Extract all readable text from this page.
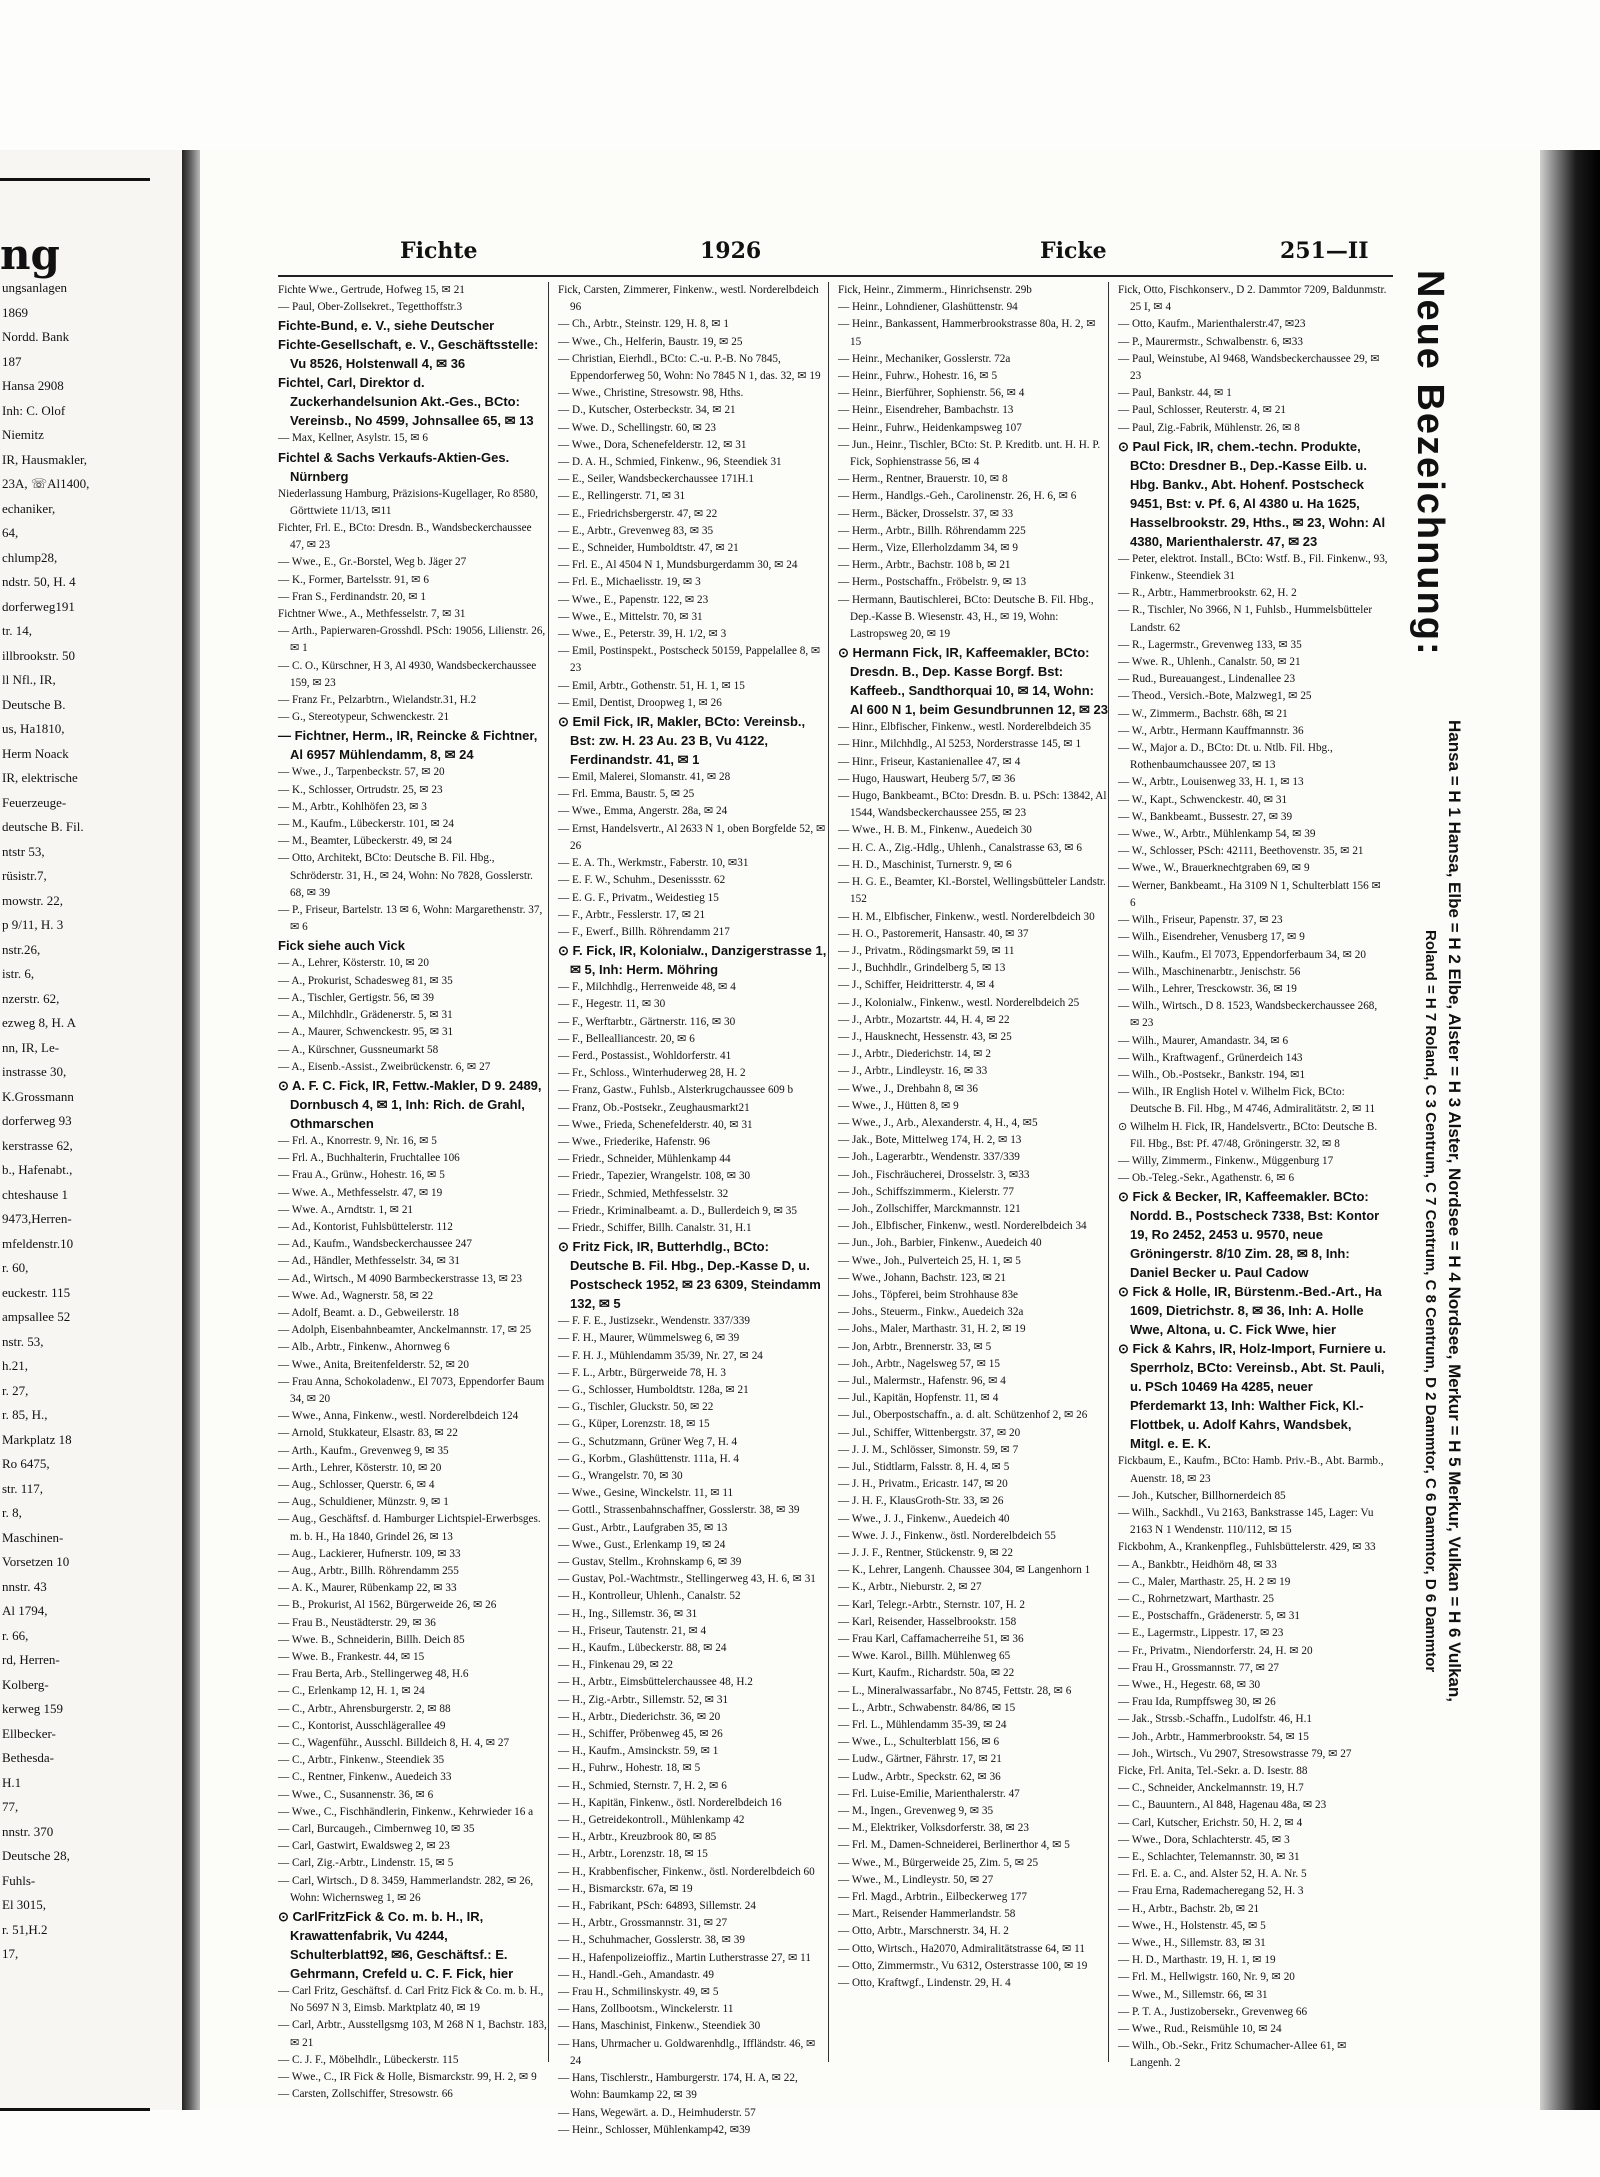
ng
ungsanlagen
1869
Nordd. Bank
187
Hansa 2908
Inh: C. Olof
Niemitz
IR, Hausmakler,
23A, ☏Al1400,
echaniker,
64,
chlump28,
ndstr. 50, H. 4
dorferweg191
tr. 14,
illbrookstr. 50
ll Nfl., IR,
Deutsche B.
us, Ha1810,
Herm Noack
IR, elektrische
Feuerzeuge-
deutsche B. Fil.
ntstr 53,
rüsistr.7,
mowstr. 22,
p 9/11, H. 3
nstr.26,
istr. 6,
nzerstr. 62,
ezweg 8, H. A
nn, IR, Le-
instrasse 30,
K.Grossmann
dorferweg 93
kerstrasse 62,
b., Hafenabt.,
chteshause 1
9473,Herren-
mfeldenstr.10
r. 60,
euckestr. 115
ampsallee 52
nstr. 53,
h.21,
r. 27,
r. 85, H.,
Markplatz 18
Ro 6475,
str. 117,
r. 8,
Maschinen-
Vorsetzen 10
nnstr. 43
Al 1794,
r. 66,
rd, Herren-
Kolberg-
kerweg 159
Ellbecker-
Bethesda-
H.1
77,
nnstr. 370
Deutsche 28,
Fuhls-
El 3015,
r. 51,H.2
17,
Fichte	1926	Ficke	251—II

Fichte Wwe., Gertrude, Hofweg 15, ✉ 21

— Paul, Ober-Zollsekret., Tegetthoffstr.3

Fichte-Bund, e. V., siehe Deutscher

Fichte-Gesellschaft, e. V., Geschäftsstelle: Vu 8526, Holstenwall 4, ✉ 36

Fichtel, Carl, Direktor d. Zuckerhandelsunion Akt.-Ges., BCto: Vereinsb., No 4599, Johnsallee 65, ✉ 13

— Max, Kellner, Asylstr. 15, ✉ 6

Fichtel & Sachs Verkaufs-Aktien-Ges. Nürnberg

Niederlassung Hamburg, Präzisions-Kugellager, Ro 8580, Görttwiete 11/13, ✉11

Fichter, Frl. E., BCto: Dresdn. B., Wandsbeckerchaussee 47, ✉ 23

— Wwe., E., Gr.-Borstel, Weg b. Jäger 27

— K., Former, Bartelsstr. 91, ✉ 6

— Fran S., Ferdinandstr. 20, ✉ 1

Fichtner Wwe., A., Methfesselstr. 7, ✉ 31

— Arth., Papierwaren-Grosshdl. PSch: 19056, Lilienstr. 26, ✉ 1

— C. O., Kürschner, H 3, Al 4930, Wandsbeckerchaussee 159, ✉ 23

— Franz Fr., Pelzarbtrn., Wielandstr.31, H.2

— G., Stereotypeur, Schwenckestr. 21

— Fichtner, Herm., IR, Reincke & Fichtner, Al 6957 Mühlendamm, 8, ✉ 24

— Wwe., J., Tarpenbeckstr. 57, ✉ 20

— K., Schlosser, Ortrudstr. 25, ✉ 23

— M., Arbtr., Kohlhöfen 23, ✉ 3

— M., Kaufm., Lübeckerstr. 101, ✉ 24

— M., Beamter, Lübeckerstr. 49, ✉ 24

— Otto, Architekt, BCto: Deutsche B. Fil. Hbg., Schröderstr. 31, H., ✉ 24, Wohn: No 7828, Gosslerstr. 68, ✉ 39

— P., Friseur, Bartelstr. 13 ✉ 6, Wohn: Margarethenstr. 37, ✉ 6

Fick siehe auch Vick

— A., Lehrer, Kösterstr. 10, ✉ 20

— A., Prokurist, Schadesweg 81, ✉ 35

— A., Tischler, Gertigstr. 56, ✉ 39

— A., Milchhdlr., Grädenerstr. 5, ✉ 31

— A., Maurer, Schwenckestr. 95, ✉ 31

— A., Kürschner, Gussneumarkt 58

— A., Eisenb.-Assist., Zweibrückenstr. 6, ✉ 27

⊙ A. F. C. Fick, IR, Fettw.-Makler, D 9. 2489, Dornbusch 4, ✉ 1, Inh: Rich. de Grahl, Othmarschen

— Frl. A., Knorrestr. 9, Nr. 16, ✉ 5

— Frl. A., Buchhalterin, Fruchtallee 106

— Frau A., Grünw., Hohestr. 16, ✉ 5

— Wwe. A., Methfesselstr. 47, ✉ 19

— Wwe. A., Arndtstr. 1, ✉ 21

— Ad., Kontorist, Fuhlsbüttelerstr. 112

— Ad., Kaufm., Wandsbeckerchaussee 247

— Ad., Händler, Methfesselstr. 34, ✉ 31

— Ad., Wirtsch., M 4090 Barmbeckerstrasse 13, ✉ 23

— Wwe. Ad., Wagnerstr. 58, ✉ 22

— Adolf, Beamt. a. D., Gebweilerstr. 18

— Adolph, Eisenbahnbeamter, Anckelmannstr. 17, ✉ 25

— Alb., Arbtr., Finkenw., Ahornweg 6

— Wwe., Anita, Breitenfelderstr. 52, ✉ 20

— Frau Anna, Schokoladenw., El 7073, Eppendorfer Baum 34, ✉ 20

— Wwe., Anna, Finkenw., westl. Norderelbdeich 124

— Arnold, Stukkateur, Elsastr. 83, ✉ 22

— Arth., Kaufm., Grevenweg 9, ✉ 35

— Arth., Lehrer, Kösterstr. 10, ✉ 20

— Aug., Schlosser, Querstr. 6, ✉ 4

— Aug., Schuldiener, Münzstr. 9, ✉ 1

— Aug., Geschäftsf. d. Hamburger Lichtspiel-Erwerbsges. m. b. H., Ha 1840, Grindel 26, ✉ 13

— Aug., Lackierer, Hufnerstr. 109, ✉ 33

— Aug., Arbtr., Billh. Röhrendamm 255

— A. K., Maurer, Rübenkamp 22, ✉ 33

— B., Prokurist, Al 1562, Bürgerweide 26, ✉ 26

— Frau B., Neustädterstr. 29, ✉ 36

— Wwe. B., Schneiderin, Billh. Deich 85

— Wwe. B., Frankestr. 44, ✉ 15

— Frau Berta, Arb., Stellingerweg 48, H.6

— C., Erlenkamp 12, H. 1, ✉ 24

— C., Arbtr., Ahrensburgerstr. 2, ✉ 88

— C., Kontorist, Ausschlägerallee 49

— C., Wagenführ., Ausschl. Billdeich 8, H. 4, ✉ 27

— C., Arbtr., Finkenw., Steendiek 35

— C., Rentner, Finkenw., Auedeich 33

— Wwe., C., Susannenstr. 36, ✉ 6

— Wwe., C., Fischhändlerin, Finkenw., Kehrwieder 16 a

— Carl, Burcaugeh., Cimbernweg 10, ✉ 35

— Carl, Gastwirt, Ewaldsweg 2, ✉ 23

— Carl, Zig.-Arbtr., Lindenstr. 15, ✉ 5

— Carl, Wirtsch., D 8. 3459, Hammerlandstr. 282, ✉ 26, Wohn: Wichernsweg 1, ✉ 26

⊙ CarlFritzFick & Co. m. b. H., IR, Krawattenfabrik, Vu 4244, Schulterblatt92, ✉6, Geschäftsf.: E. Gehrmann, Crefeld u. C. F. Fick, hier

— Carl Fritz, Geschäftsf. d. Carl Fritz Fick & Co. m. b. H., No 5697 N 3, Eimsb. Marktplatz 40, ✉ 19

— Carl, Arbtr., Ausstellgsmg 103, M 268 N 1, Bachstr. 183, ✉ 21

— C. J. F., Möbelhdlr., Lübeckerstr. 115

— Wwe., C., IR Fick & Holle, Bismarckstr. 99, H. 2, ✉ 9

— Carsten, Zollschiffer, Stresowstr. 66

Fick, Carsten, Zimmerer, Finkenw., westl. Norderelbdeich 96

— Ch., Arbtr., Steinstr. 129, H. 8, ✉ 1

— Wwe., Ch., Helferin, Baustr. 19, ✉ 25

— Christian, Eierhdl., BCto: C.-u. P.-B. No 7845, Eppendorferweg 50, Wohn: No 7845 N 1, das. 32, ✉ 19

— Wwe., Christine, Stresowstr. 98, Hths.

— D., Kutscher, Osterbeckstr. 34, ✉ 21

— Wwe. D., Schellingstr. 60, ✉ 23

— Wwe., Dora, Schenefelderstr. 12, ✉ 31

— D. A. H., Schmied, Finkenw., 96, Steendiek 31

— E., Seiler, Wandsbeckerchaussee 171H.1

— E., Rellingerstr. 71, ✉ 31

— E., Friedrichsbergerstr. 47, ✉ 22

— E., Arbtr., Grevenweg 83, ✉ 35

— E., Schneider, Humboldtstr. 47, ✉ 21

— Frl. E., Al 4504 N 1, Mundsburgerdamm 30, ✉ 24

— Frl. E., Michaelisstr. 19, ✉ 3

— Wwe., E., Papenstr. 122, ✉ 23

— Wwe., E., Mittelstr. 70, ✉ 31

— Wwe., E., Peterstr. 39, H. 1/2, ✉ 3

— Emil, Postinspekt., Postscheck 50159, Pappelallee 8, ✉ 23

— Emil, Arbtr., Gothenstr. 51, H. 1, ✉ 15

— Emil, Dentist, Droopweg 1, ✉ 26

⊙ Emil Fick, IR, Makler, BCto: Vereinsb., Bst: zw. H. 23 Au. 23 B, Vu 4122, Ferdinandstr. 41, ✉ 1

— Emil, Malerei, Slomanstr. 41, ✉ 28

— Frl. Emma, Baustr. 5, ✉ 25

— Wwe., Emma, Angerstr. 28a, ✉ 24

— Ernst, Handelsvertr., Al 2633 N 1, oben Borgfelde 52, ✉ 26

— E. A. Th., Werkmstr., Faberstr. 10, ✉31

— E. F. W., Schuhm., Desenissstr. 62

— E. G. F., Privatm., Weidestieg 15

— F., Arbtr., Fesslerstr. 17, ✉ 21

— F., Ewerf., Billh. Röhrendamm 217

⊙ F. Fick, IR, Kolonialw., Danzigerstrasse 1, ✉ 5, Inh: Herm. Möhring

— F., Milchhdlg., Herrenweide 48, ✉ 4

— F., Hegestr. 11, ✉ 30

— F., Werftarbtr., Gärtnerstr. 116, ✉ 30

— F., Bellealliancestr. 20, ✉ 6

— Ferd., Postassist., Wohldorferstr. 41

— Fr., Schloss., Winterhuderweg 28, H. 2

— Franz, Gastw., Fuhlsb., Alsterkrugchaussee 609 b

— Franz, Ob.-Postsekr., Zeughausmarkt21

— Wwe., Frieda, Schenefelderstr. 40, ✉ 31

— Wwe., Friederike, Hafenstr. 96

— Friedr., Schneider, Mühlenkamp 44

— Friedr., Tapezier, Wrangelstr. 108, ✉ 30

— Friedr., Schmied, Methfesselstr. 32

— Friedr., Kriminalbeamt. a. D., Bullerdeich 9, ✉ 35

— Friedr., Schiffer, Billh. Canalstr. 31, H.1

⊙ Fritz Fick, IR, Butterhdlg., BCto: Deutsche B. Fil. Hbg., Dep.-Kasse D, u. Postscheck 1952, ✉ 23 6309, Steindamm 132, ✉ 5

— F. F. E., Justizsekr., Wendenstr. 337/339

— F. H., Maurer, Wümmelsweg 6, ✉ 39

— F. H. J., Mühlendamm 35/39, Nr. 27, ✉ 24

— F. L., Arbtr., Bürgerweide 78, H. 3

— G., Schlosser, Humboldtstr. 128a, ✉ 21

— G., Tischler, Gluckstr. 50, ✉ 22

— G., Küper, Lorenzstr. 18, ✉ 15

— G., Schutzmann, Grüner Weg 7, H. 4

— G., Korbm., Glashüttenstr. 111a, H. 4

— G., Wrangelstr. 70, ✉ 30

— Wwe., Gesine, Winckelstr. 11, ✉ 11

— Gottl., Strassenbahnschaffner, Gosslerstr. 38, ✉ 39

— Gust., Arbtr., Laufgraben 35, ✉ 13

— Wwe., Gust., Erlenkamp 19, ✉ 24

— Gustav, Stellm., Krohnskamp 6, ✉ 39

— Gustav, Pol.-Wachtmstr., Stellingerweg 43, H. 6, ✉ 31

— H., Kontrolleur, Uhlenh., Canalstr. 52

— H., Ing., Sillemstr. 36, ✉ 31

— H., Friseur, Tautenstr. 21, ✉ 4

— H., Kaufm., Lübeckerstr. 88, ✉ 24

— H., Finkenau 29, ✉ 22

— H., Arbtr., Eimsbüttelerchaussee 48, H.2

— H., Zig.-Arbtr., Sillemstr. 52, ✉ 31

— H., Arbtr., Diederichstr. 36, ✉ 20

— H., Schiffer, Pröbenweg 45, ✉ 26

— H., Kaufm., Amsinckstr. 59, ✉ 1

— H., Fuhrw., Hohestr. 18, ✉ 5

— H., Schmied, Sternstr. 7, H. 2, ✉ 6

— H., Kapitän, Finkenw., östl. Norderelbdeich 16

— H., Getreidekontroll., Mühlenkamp 42

— H., Arbtr., Kreuzbrook 80, ✉ 85

— H., Arbtr., Lorenzstr. 18, ✉ 15

— H., Krabbenfischer, Finkenw., östl. Norderelbdeich 60

— H., Bismarckstr. 67a, ✉ 19

— H., Fabrikant, PSch: 64893, Sillemstr. 24

— H., Arbtr., Grossmannstr. 31, ✉ 27

— H., Schuhmacher, Gosslerstr. 38, ✉ 39

— H., Hafenpolizeioffiz., Martin Lutherstrasse 27, ✉ 11

— H., Handl.-Geh., Amandastr. 49

— Frau H., Schmilinskystr. 49, ✉ 5

— Hans, Zollbootsm., Winckelerstr. 11

— Hans, Maschinist, Finkenw., Steendiek 30

— Hans, Uhrmacher u. Goldwarenhdlg., Iffländstr. 46, ✉ 24

— Hans, Tischlerstr., Hamburgerstr. 174, H. A, ✉ 22, Wohn: Baumkamp 22, ✉ 39

— Hans, Wegewärt. a. D., Heimhuderstr. 57

— Heinr., Schlosser, Mühlenkamp42, ✉39

Fick, Heinr., Zimmerm., Hinrichsenstr. 29b

— Heinr., Lohndiener, Glashüttenstr. 94

— Heinr., Bankassent, Hammerbrookstrasse 80a, H. 2, ✉ 15

— Heinr., Mechaniker, Gosslerstr. 72a

— Heinr., Fuhrw., Hohestr. 16, ✉ 5

— Heinr., Bierführer, Sophienstr. 56, ✉ 4

— Heinr., Eisendreher, Bambachstr. 13

— Heinr., Fuhrw., Heidenkampsweg 107

— Jun., Heinr., Tischler, BCto: St. P. Kreditb. unt. H. H. P. Fick, Sophienstrasse 56, ✉ 4

— Herm., Rentner, Brauerstr. 10, ✉ 8

— Herm., Handlgs.-Geh., Carolinenstr. 26, H. 6, ✉ 6

— Herm., Bäcker, Drosselstr. 37, ✉ 33

— Herm., Arbtr., Billh. Röhrendamm 225

— Herm., Vize, Ellerholzdamm 34, ✉ 9

— Herm., Arbtr., Bachstr. 108 b, ✉ 21

— Herm., Postschaffn., Fröbelstr. 9, ✉ 13

— Hermann, Bautischlerei, BCto: Deutsche B. Fil. Hbg., Dep.-Kasse B. Wiesenstr. 43, H., ✉ 19, Wohn: Lastropsweg 20, ✉ 19

⊙ Hermann Fick, IR, Kaffeemakler, BCto: Dresdn. B., Dep. Kasse Borgf. Bst: Kaffeeb., Sandthorquai 10, ✉ 14, Wohn: Al 600 N 1, beim Gesundbrunnen 12, ✉ 23

— Hinr., Elbfischer, Finkenw., westl. Norderelbdeich 35

— Hinr., Milchhdlg., Al 5253, Norderstrasse 145, ✉ 1

— Hinr., Friseur, Kastanienallee 47, ✉ 4

— Hugo, Hauswart, Heuberg 5/7, ✉ 36

— Hugo, Bankbeamt., BCto: Dresdn. B. u. PSch: 13842, Al 1544, Wandsbeckerchaussee 255, ✉ 23

— Wwe., H. B. M., Finkenw., Auedeich 30

— H. C. A., Zig.-Hdlg., Uhlenh., Canalstrasse 63, ✉ 6

— H. D., Maschinist, Turnerstr. 9, ✉ 6

— H. G. E., Beamter, Kl.-Borstel, Wellingsbütteler Landstr. 152

— H. M., Elbfischer, Finkenw., westl. Norderelbdeich 30

— H. O., Pastoremerit, Hansastr. 40, ✉ 37

— J., Privatm., Rödingsmarkt 59, ✉ 11

— J., Buchhdlr., Grindelberg 5, ✉ 13

— J., Schiffer, Heidritterstr. 4, ✉ 4

— J., Kolonialw., Finkenw., westl. Norderelbdeich 25

— J., Arbtr., Mozartstr. 44, H. 4, ✉ 22

— J., Hausknecht, Hessenstr. 43, ✉ 25

— J., Arbtr., Diederichstr. 14, ✉ 2

— J., Arbtr., Lindleystr. 16, ✉ 33

— Wwe., J., Drehbahn 8, ✉ 36

— Wwe., J., Hütten 8, ✉ 9

— Wwe., J., Arb., Alexanderstr. 4, H., 4, ✉5

— Jak., Bote, Mittelweg 174, H. 2, ✉ 13

— Joh., Lagerarbtr., Wendenstr. 337/339

— Joh., Fischräucherei, Drosselstr. 3, ✉33

— Joh., Schiffszimmerm., Kielerstr. 77

— Joh., Zollschiffer, Marckmannstr. 121

— Joh., Elbfischer, Finkenw., westl. Norderelbdeich 34

— Jun., Joh., Barbier, Finkenw., Auedeich 40

— Wwe., Joh., Pulverteich 25, H. 1, ✉ 5

— Wwe., Johann, Bachstr. 123, ✉ 21

— Johs., Töpferei, beim Strohhause 83e

— Johs., Steuerm., Finkw., Auedeich 32a

— Johs., Maler, Marthastr. 31, H. 2, ✉ 19

— Jon, Arbtr., Brennerstr. 33, ✉ 5

— Joh., Arbtr., Nagelsweg 57, ✉ 15

— Jul., Malermstr., Hafenstr. 96, ✉ 4

— Jul., Kapitän, Hopfenstr. 11, ✉ 4

— Jul., Oberpostschaffn., a. d. alt. Schützenhof 2, ✉ 26

— Jul., Schiffer, Wittenbergstr. 37, ✉ 20

— J. J. M., Schlösser, Simonstr. 59, ✉ 7

— Jul., Stidtlarm, Falsstr. 8, H. 4, ✉ 5

— J. H., Privatm., Ericastr. 147, ✉ 20

— J. H. F., KlausGroth-Str. 33, ✉ 26

— Wwe., J. J., Finkenw., Auedeich 40

— Wwe. J. J., Finkenw., östl. Norderelbdeich 55

— J. J. F., Rentner, Stückenstr. 9, ✉ 22

— K., Lehrer, Langenh. Chaussee 304, ✉ Langenhorn 1

— K., Arbtr., Nieburstr. 2, ✉ 27

— Karl, Telegr.-Arbtr., Sternstr. 107, H. 2

— Karl, Reisender, Hasselbrookstr. 158

— Frau Karl, Caffamacherreihe 51, ✉ 36

— Wwe. Karol., Billh. Mühlenweg 65

— Kurt, Kaufm., Richardstr. 50a, ✉ 22

— L., Mineralwassarfabr., No 8745, Fettstr. 28, ✉ 6

— L., Arbtr., Schwabenstr. 84/86, ✉ 15

— Frl. L., Mühlendamm 35-39, ✉ 24

— Wwe., L., Schulterblatt 156, ✉ 6

— Ludw., Gärtner, Fährstr. 17, ✉ 21

— Ludw., Arbtr., Speckstr. 62, ✉ 36

— Frl. Luise-Emilie, Marienthalerstr. 47

— M., Ingen., Grevenweg 9, ✉ 35

— M., Elektriker, Volksdorferstr. 38, ✉ 23

— Frl. M., Damen-Schneiderei, Berlinerthor 4, ✉ 5

— Wwe., M., Bürgerweide 25, Zim. 5, ✉ 25

— Wwe., M., Lindleystr. 50, ✉ 27

— Frl. Magd., Arbtrin., Eilbeckerweg 177

— Mart., Reisender Hammerlandstr. 58

— Otto, Arbtr., Marschnerstr. 34, H. 2

— Otto, Wirtsch., Ha2070, Admiralitätstrasse 64, ✉ 11

— Otto, Zimmermstr., Vu 6312, Osterstrasse 100, ✉ 19

— Otto, Kraftwgf., Lindenstr. 29, H. 4

Fick, Otto, Fischkonserv., D 2. Dammtor 7209, Baldunmstr. 25 I, ✉ 4

— Otto, Kaufm., Marienthalerstr.47, ✉23

— P., Maurermstr., Schwalbenstr. 6, ✉33

— Paul, Weinstube, Al 9468, Wandsbeckerchaussee 29, ✉ 23

— Paul, Bankstr. 44, ✉ 1

— Paul, Schlosser, Reuterstr. 4, ✉ 21

— Paul, Zig.-Fabrik, Mühlenstr. 26, ✉ 8

⊙ Paul Fick, IR, chem.-techn. Produkte, BCto: Dresdner B., Dep.-Kasse Eilb. u. Hbg. Bankv., Abt. Hohenf. Postscheck 9451, Bst: v. Pf. 6, Al 4380 u. Ha 1625, Hasselbrookstr. 29, Hths., ✉ 23, Wohn: Al 4380, Marienthalerstr. 47, ✉ 23

— Peter, elektrot. Install., BCto: Wstf. B., Fil. Finkenw., 93, Finkenw., Steendiek 31

— R., Arbtr., Hammerbrookstr. 62, H. 2

— R., Tischler, No 3966, N 1, Fuhlsb., Hummelsbütteler Landstr. 62

— R., Lagermstr., Grevenweg 133, ✉ 35

— Wwe. R., Uhlenh., Canalstr. 50, ✉ 21

— Rud., Bureauangest., Lindenallee 23

— Theod., Versich.-Bote, Malzweg1, ✉ 25

— W., Zimmerm., Bachstr. 68h, ✉ 21

— W., Arbtr., Hermann Kauffmannstr. 36

— W., Major a. D., BCto: Dt. u. Ntlb. Fil. Hbg., Rothenbaumchaussee 207, ✉ 13

— W., Arbtr., Louisenweg 33, H. 1, ✉ 13

— W., Kapt., Schwenckestr. 40, ✉ 31

— W., Bankbeamt., Bussestr. 27, ✉ 39

— Wwe., W., Arbtr., Mühlenkamp 54, ✉ 39

— W., Schlosser, PSch: 42111, Beethovenstr. 35, ✉ 21

— Wwe., W., Brauerknechtgraben 69, ✉ 9

— Werner, Bankbeamt., Ha 3109 N 1, Schulterblatt 156 ✉ 6

— Wilh., Friseur, Papenstr. 37, ✉ 23

— Wilh., Eisendreher, Venusberg 17, ✉ 9

— Wilh., Kaufm., El 7073, Eppendorferbaum 34, ✉ 20

— Wilh., Maschinenarbtr., Jenischstr. 56

— Wilh., Lehrer, Tresckowstr. 36, ✉ 19

— Wilh., Wirtsch., D 8. 1523, Wandsbeckerchaussee 268, ✉ 23

— Wilh., Maurer, Amandastr. 34, ✉ 6

— Wilh., Kraftwagenf., Grünerdeich 143

— Wilh., Ob.-Postsekr., Bankstr. 194, ✉1

— Wilh., IR English Hotel v. Wilhelm Fick, BCto: Deutsche B. Fil. Hbg., M 4746, Admiralitätstr. 2, ✉ 11

⊙ Wilhelm H. Fick, IR, Handelsvertr., BCto: Deutsche B. Fil. Hbg., Bst: Pf. 47/48, Gröningerstr. 32, ✉ 8

— Willy, Zimmerm., Finkenw., Müggenburg 17

— Ob.-Teleg.-Sekr., Agathenstr. 6, ✉ 6

⊙ Fick & Becker, IR, Kaffeemakler. BCto: Nordd. B., Postscheck 7338, Bst: Kontor 19, Ro 2452, 2453 u. 9570, neue Gröningerstr. 8/10 Zim. 28, ✉ 8, Inh: Daniel Becker u. Paul Cadow

⊙ Fick & Holle, IR, Bürstenm.-Bed.-Art., Ha 1609, Dietrichstr. 8, ✉ 36, Inh: A. Holle Wwe, Altona, u. C. Fick Wwe, hier

⊙ Fick & Kahrs, IR, Holz-Import, Furniere u. Sperrholz, BCto: Vereinsb., Abt. St. Pauli, u. PSch 10469 Ha 4285, neuer Pferdemarkt 13, Inh: Walther Fick, Kl.-Flottbek, u. Adolf Kahrs, Wandsbek, Mitgl. e. E. K.

Fickbaum, E., Kaufm., BCto: Hamb. Priv.-B., Abt. Barmb., Auenstr. 18, ✉ 23

— Joh., Kutscher, Billhornerdeich 85

— Wilh., Sackhdl., Vu 2163, Bankstrasse 145, Lager: Vu 2163 N 1 Wendenstr. 110/112, ✉ 15

Fickbohm, A., Krankenpfleg., Fuhlsbüttelerstr. 429, ✉ 33

— A., Bankbtr., Heidhörn 48, ✉ 33

— C., Maler, Marthastr. 25, H. 2 ✉ 19

— C., Rohrnetzwart, Marthastr. 25

— E., Postschaffn., Grädenerstr. 5, ✉ 31

— E., Lagermstr., Lippestr. 17, ✉ 23

— Fr., Privatm., Niendorferstr. 24, H. ✉ 20

— Frau H., Grossmannstr. 77, ✉ 27

— Wwe., H., Hegestr. 68, ✉ 30

— Frau Ida, Rumpffsweg 30, ✉ 26

— Jak., Strssb.-Schaffn., Ludolfstr. 46, H.1

— Joh., Arbtr., Hammerbrookstr. 54, ✉ 15

— Joh., Wirtsch., Vu 2907, Stresowstrasse 79, ✉ 27

Ficke, Frl. Anita, Tel.-Sekr. a. D. Isestr. 88

— C., Schneider, Anckelmannstr. 19, H.7

— C., Bauuntern., Al 848, Hagenau 48a, ✉ 23

— Carl, Kutscher, Erichstr. 50, H. 2, ✉ 4

— Wwe., Dora, Schlachterstr. 45, ✉ 3

— E., Schlachter, Telemannstr. 30, ✉ 31

— Frl. E. a. C., and. Alster 52, H. A. Nr. 5

— Frau Erna, Rademacheregang 52, H. 3

— H., Arbtr., Bachstr. 2b, ✉ 21

— Wwe., H., Holstenstr. 45, ✉ 5

— Wwe., H., Sillemstr. 83, ✉ 31

— H. D., Marthastr. 19, H. 1, ✉ 19

— Frl. M., Hellwigstr. 160, Nr. 9, ✉ 20

— Wwe., M., Sillemstr. 66, ✉ 31

— P. T. A., Justizobersekr., Grevenweg 66

— Wwe., Rud., Reismühle 10, ✉ 24

— Wilh., Ob.-Sekr., Fritz Schumacher-Allee 61, ✉ Langenh. 2

Neue Bezeichnung:
Roland = H 7 Roland, C 3 Centrum, C 7 Centrum, C 8 Centrum, D 2 Dammtor, C 6 Dammtor, D 6 Dammtor Hansa = H 1 Hansa, Elbe = H 2 Elbe, Alster = H 3 Alster, Nordsee = H 4 Nordsee, Merkur = H 5 Merkur, Vulkan = H 6 Vulkan,
